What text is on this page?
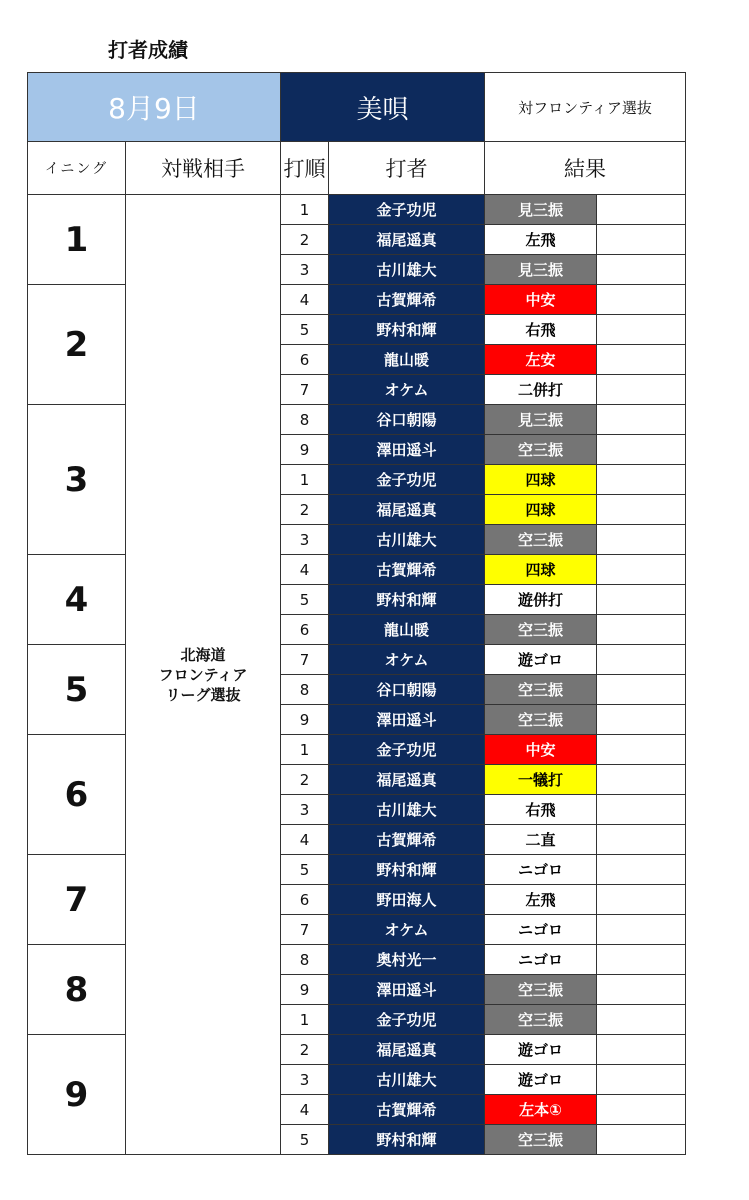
打者成績
8月9日		美唄		対フロンティア選抜	
イニング	対戦相手	打順	打者	結果	
1	北海道
フロンティア
リーグ選抜	1	金子功児	見三振	
		2	福尾遥真	左飛	
		3	古川雄大	見三振	
2		4	古賀輝希	中安	
		5	野村和輝	右飛	
		6	龍山暖	左安	
		7	オケム	二併打	
3		8	谷口朝陽	見三振	
		9	澤田遥斗	空三振	
		1	金子功児	四球	
		2	福尾遥真	四球	
		3	古川雄大	空三振	
4		4	古賀輝希	四球	
		5	野村和輝	遊併打	
		6	龍山暖	空三振	
5		7	オケム	遊ゴロ	
		8	谷口朝陽	空三振	
		9	澤田遥斗	空三振	
6		1	金子功児	中安	
		2	福尾遥真	一犠打	
		3	古川雄大	右飛	
		4	古賀輝希	二直	
7		5	野村和輝	ニゴロ	
		6	野田海人	左飛	
		7	オケム	ニゴロ	
8		8	奥村光一	ニゴロ	
		9	澤田遥斗	空三振	
		1	金子功児	空三振	
9		2	福尾遥真	遊ゴロ	
		3	古川雄大	遊ゴロ	
		4	古賀輝希	左本①	
		5	野村和輝	空三振	
